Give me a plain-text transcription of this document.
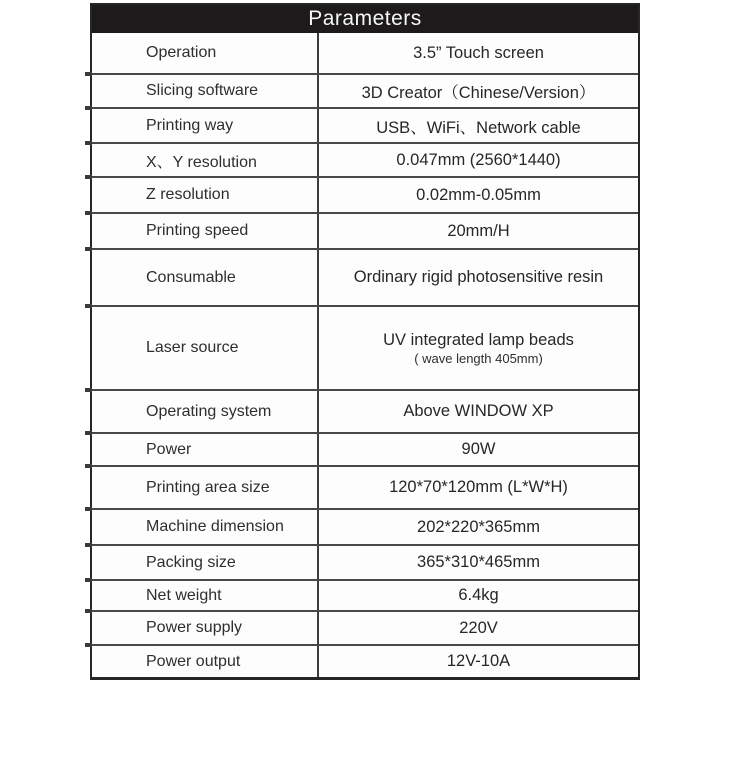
Parameters
Operation	3.5” Touch screen
Slicing software	3D Creator（Chinese/Version）
Printing way	USB、WiFi、Network cable
X、Y resolution	0.047mm (2560*1440)
Z resolution	0.02mm-0.05mm
Printing speed	20mm/H
Consumable	Ordinary rigid photosensitive resin
Laser source	UV integrated lamp beads
( wave length 405mm)
Operating system	Above WINDOW XP
Power	90W
Printing area size	120*70*120mm (L*W*H)
Machine dimension	202*220*365mm
Packing size	365*310*465mm
Net weight	6.4kg
Power supply	220V
Power output	12V-10A
